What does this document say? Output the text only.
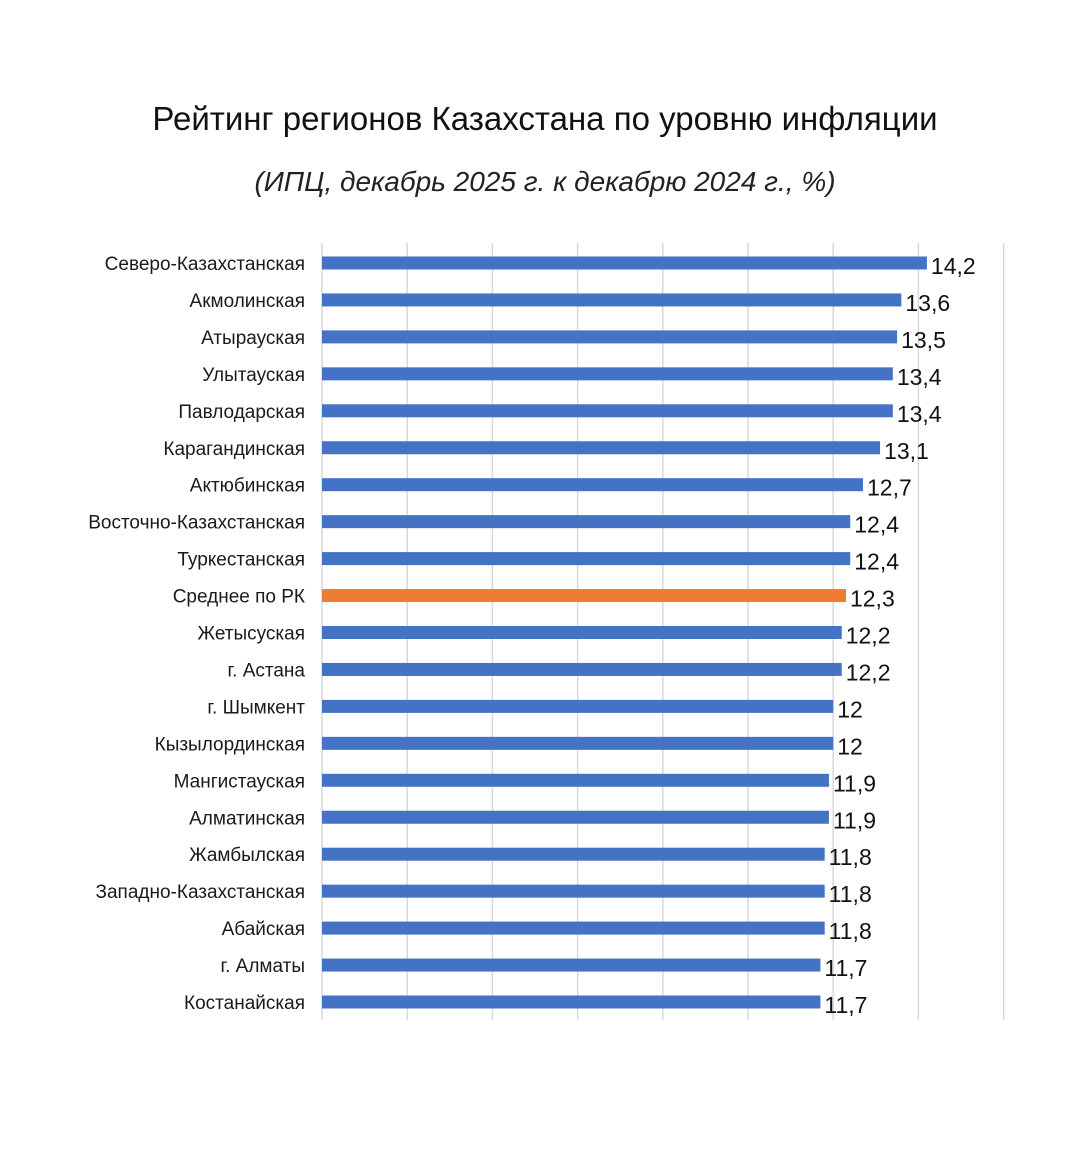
Рейтинг регионов Казахстана по уровню инфляции
(ИПЦ, декабрь 2025 г. к декабрю 2024 г., %)
Северо-Казахстанская
Акмолинская
Атырауская
Улытауская
Павлодарская
Карагандинская
Актюбинская
Восточно-Казахстанская
Туркестанская
Среднее по РК
Жетысуская
г. Астана
г. Шымкент
Кызылординская
Мангистауская
Алматинская
Жамбылская
Западно-Казахстанская
Абайская
г. Алматы
Костанайская
14,2
13,6
13,5
13,4
13,4
13,1
12,7
12,4
12,4
12,3
12,2
12,2
12
12
11,9
11,9
11,8
11,8
11,8
11,7
11,7
